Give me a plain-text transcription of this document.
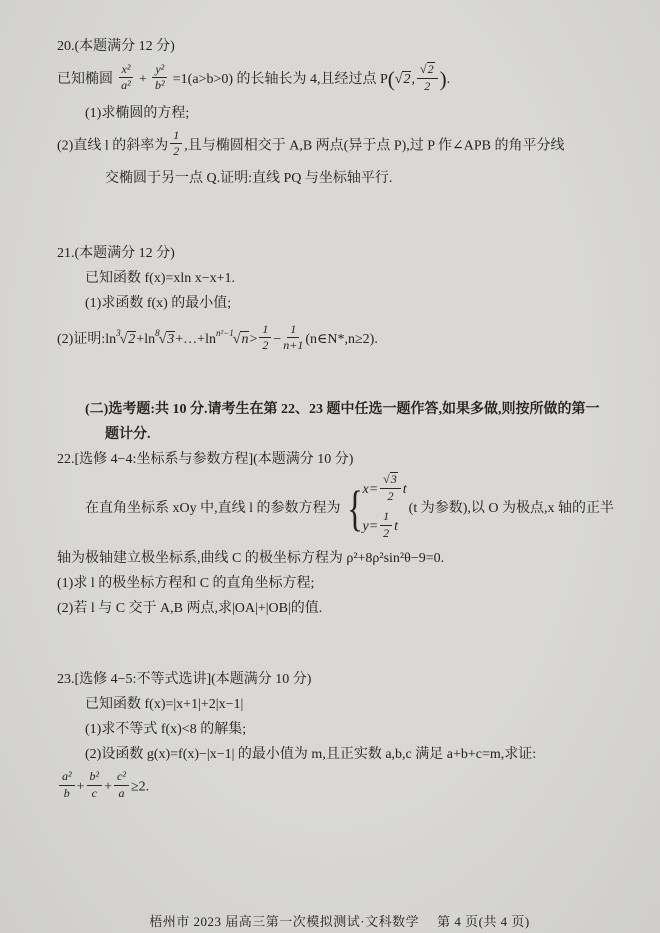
20.(本题满分 12 分)
已知椭圆 $\frac{\text{x²}}{\text{a²}} + \frac{\text{y²}}{\text{b²}} =1(a>b>0)$ 的长轴长为 4,且经过点 P(√2, $\frac{√ 2}{2}$ ).
(1)求椭圆的方程;
(2)直线 l 的斜率为 $\frac{1}{2}$ ,且与椭圆相交于 A,B 两点(异于点 P),过 P 作∠APB 的角平分线
交椭圆于另一点 Q.证明:直线 PQ 与坐标轴平行.
21.(本题满分 12 分)
已知函数 f(x)=xln x−x+1.
(1)求函数 f(x) 的最小值;
(2)证明$:\ln^3√2+\ln^8√3+\dots+\ln^{n^2-1}√n> \frac{1}{2} - \frac{1}{n+1}$ (n∈N*,n≥2).
(二)选考题:共 10 分.请考生在第 22、23 题中任选一题作答,如果多做,则按所做的第一
题计分.
22.[选修 4−4:坐标系与参数方程](本题满分 10 分)
在直角坐标系 xOy 中,直线 l 的参数方程为 { $x= \frac{√ 3}{2}$ t
$y= \frac{1}{2}$ t
(t 为参数),以 O 为极点,x 轴的正半
轴为极轴建立极坐标系,曲线 C 的极坐标方程为 ρ²+8ρ²sin²θ−9=0.
(1)求 l 的极坐标方程和 C 的直角坐标方程;
(2)若 l 与 C 交于 A,B 两点,求|OA|+|OB|的值.
23.[选修 4−5:不等式选讲](本题满分 10 分)
已知函数 f(x)=|x+1|+2|x−1|
(1)求不等式 f(x)<8 的解集;
(2)设函数 g(x)=f(x)−|x−1| 的最小值为 m,且正实数 a,b,c 满足 a+b+c=m,求证:
$\frac{\text{a²}}{b} + \frac{\text{b²}}{c} + \frac{\text{c²}}{a} \ge 2$.
梧州市 2023 届高三第一次模拟测试·文科数学 第 4 页(共 4 页)
